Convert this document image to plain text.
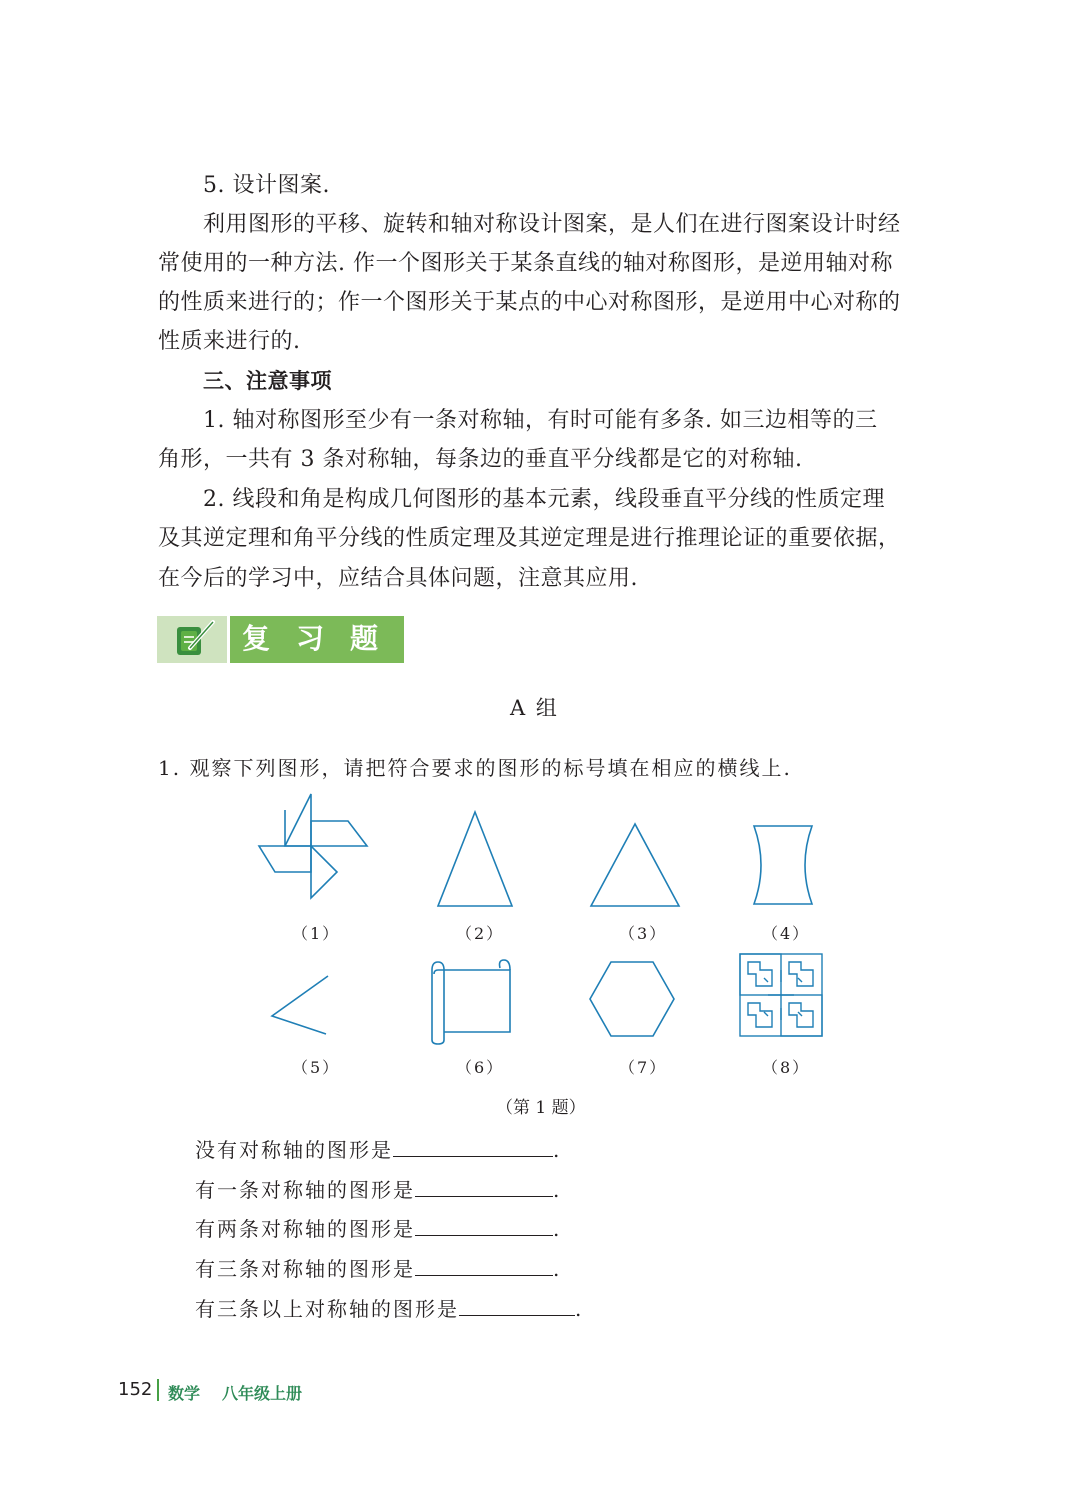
5. 设计图案.
利用图形的平移、旋转和轴对称设计图案，是人们在进行图案设计时经
常使用的一种方法. 作一个图形关于某条直线的轴对称图形，是逆用轴对称
的性质来进行的；作一个图形关于某点的中心对称图形，是逆用中心对称的
性质来进行的.
三、注意事项
1. 轴对称图形至少有一条对称轴，有时可能有多条. 如三边相等的三
角形，一共有 3 条对称轴，每条边的垂直平分线都是它的对称轴.
2. 线段和角是构成几何图形的基本元素，线段垂直平分线的性质定理
及其逆定理和角平分线的性质定理及其逆定理是进行推理论证的重要依据，
在今后的学习中，应结合具体问题，注意其应用.
复习题
A 组
1. 观察下列图形，请把符合要求的图形的标号填在相应的横线上.
（1）	（2）	（3）	（4）
（5）	（6）	（7）	（8）
（第 1 题）
没有对称轴的图形是	.
有一条对称轴的图形是	.
有两条对称轴的图形是	.
有三条对称轴的图形是	.
有三条以上对称轴的图形是	.
152 数学 八年级上册
